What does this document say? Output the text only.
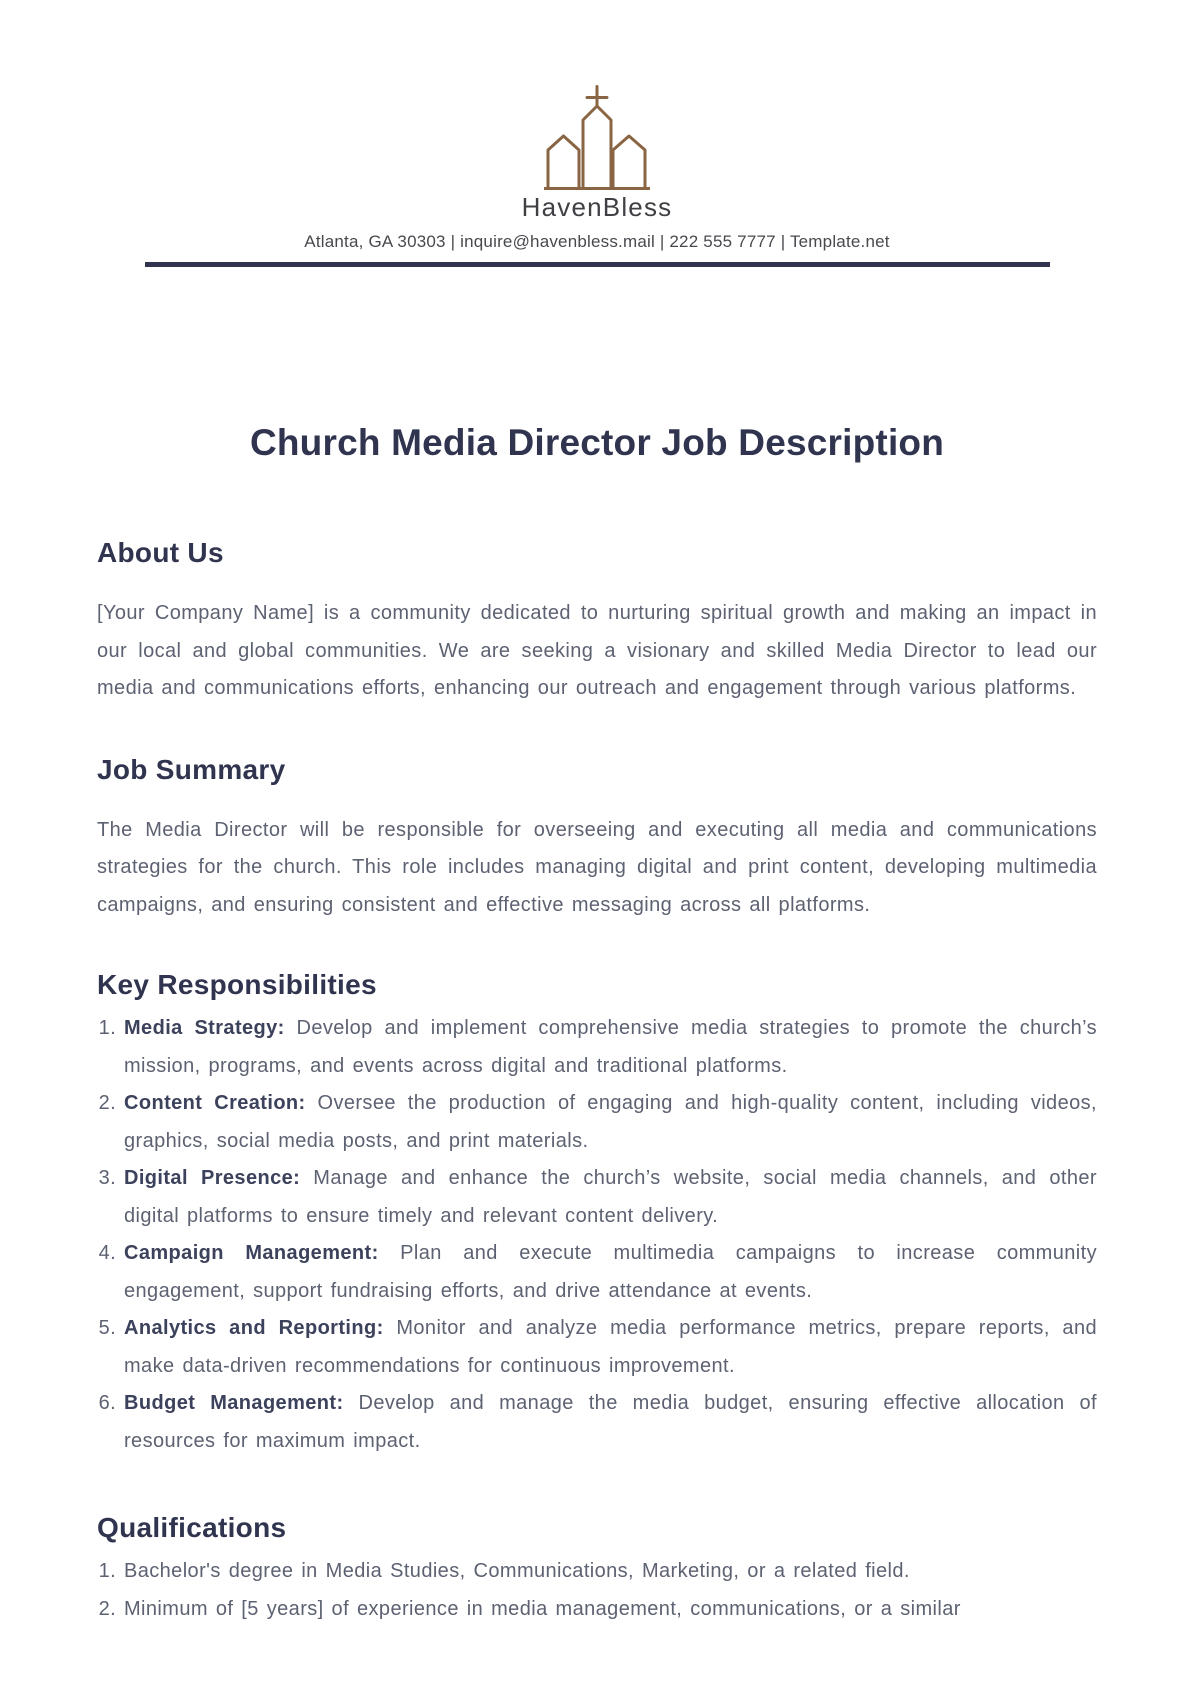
HavenBless
Atlanta, GA 30303 | inquire@havenbless.mail | 222 555 7777 | Template.net
Church Media Director Job Description
About Us

[Your Company Name] is a community dedicated to nurturing spiritual growth and making an impact in our local and global communities. We are seeking a visionary and skilled Media Director to lead our media and communications efforts, enhancing our outreach and engagement through various platforms.

Job Summary

The Media Director will be responsible for overseeing and executing all media and communications strategies for the church. This role includes managing digital and print content, developing multimedia campaigns, and ensuring consistent and effective messaging across all platforms.

Key Responsibilities
1. Media Strategy: Develop and implement comprehensive media strategies to promote the church’s mission, programs, and events across digital and traditional platforms.
2. Content Creation: Oversee the production of engaging and high-quality content, including videos, graphics, social media posts, and print materials.
3. Digital Presence: Manage and enhance the church’s website, social media channels, and other digital platforms to ensure timely and relevant content delivery.
4. Campaign Management: Plan and execute multimedia campaigns to increase community engagement, support fundraising efforts, and drive attendance at events.
5. Analytics and Reporting: Monitor and analyze media performance metrics, prepare reports, and make data-driven recommendations for continuous improvement.
6. Budget Management: Develop and manage the media budget, ensuring effective allocation of resources for maximum impact.
Qualifications
1. Bachelor's degree in Media Studies, Communications, Marketing, or a related field.
2. Minimum of [5 years] of experience in media management, communications, or a similar
